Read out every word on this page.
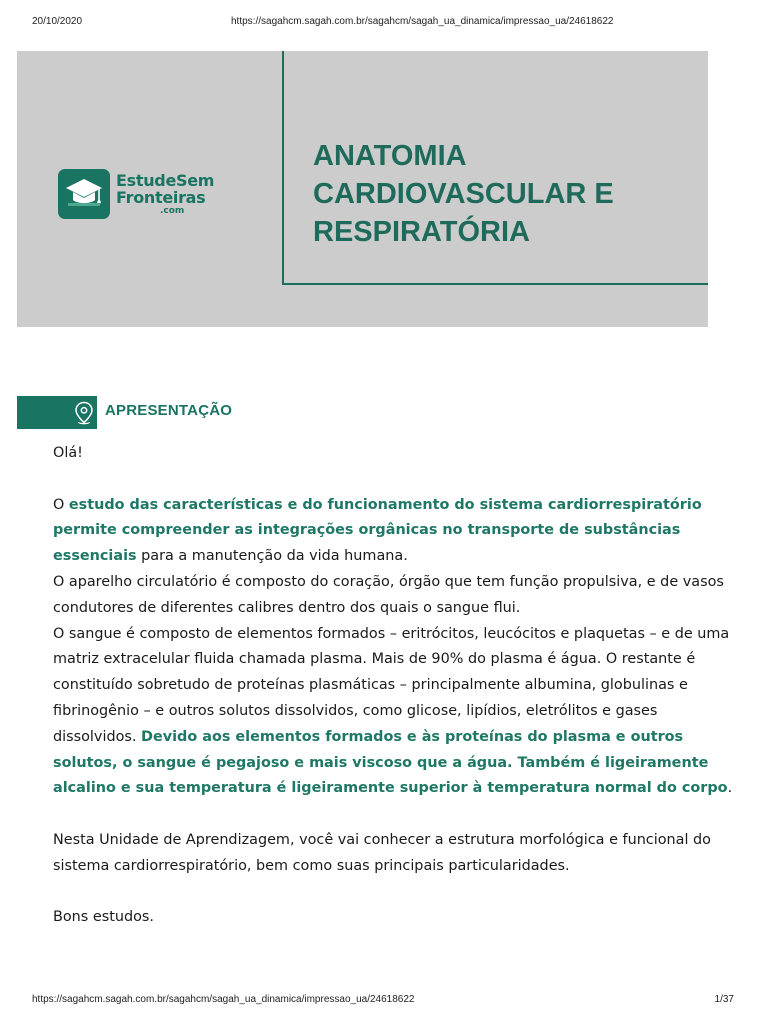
20/10/2020	https://sagahcm.sagah.com.br/sagahcm/sagah_ua_dinamica/impressao_ua/24618622
EstudeSem
Fronteiras
.com
ANATOMIA CARDIOVASCULAR E RESPIRATÓRIA
APRESENTAÇÃO

Olá!

O estudo das características e do funcionamento do sistema cardiorrespiratório permite compreender as integrações orgânicas no transporte de substâncias essenciais para a manutenção da vida humana.

O aparelho circulatório é composto do coração, órgão que tem função propulsiva, e de vasos condutores de diferentes calibres dentro dos quais o sangue flui.

O sangue é composto de elementos formados – eritrócitos, leucócitos e plaquetas – e de uma matriz extracelular fluida chamada plasma. Mais de 90% do plasma é água. O restante é constituído sobretudo de proteínas plasmáticas – principalmente albumina, globulinas e fibrinogênio – e outros solutos dissolvidos, como glicose, lipídios, eletrólitos e gases dissolvidos. Devido aos elementos formados e às proteínas do plasma e outros solutos, o sangue é pegajoso e mais viscoso que a água. Também é ligeiramente alcalino e sua temperatura é ligeiramente superior à temperatura normal do corpo.

Nesta Unidade de Aprendizagem, você vai conhecer a estrutura morfológica e funcional do sistema cardiorrespiratório, bem como suas principais particularidades.

Bons estudos.

https://sagahcm.sagah.com.br/sagahcm/sagah_ua_dinamica/impressao_ua/24618622	1/37
